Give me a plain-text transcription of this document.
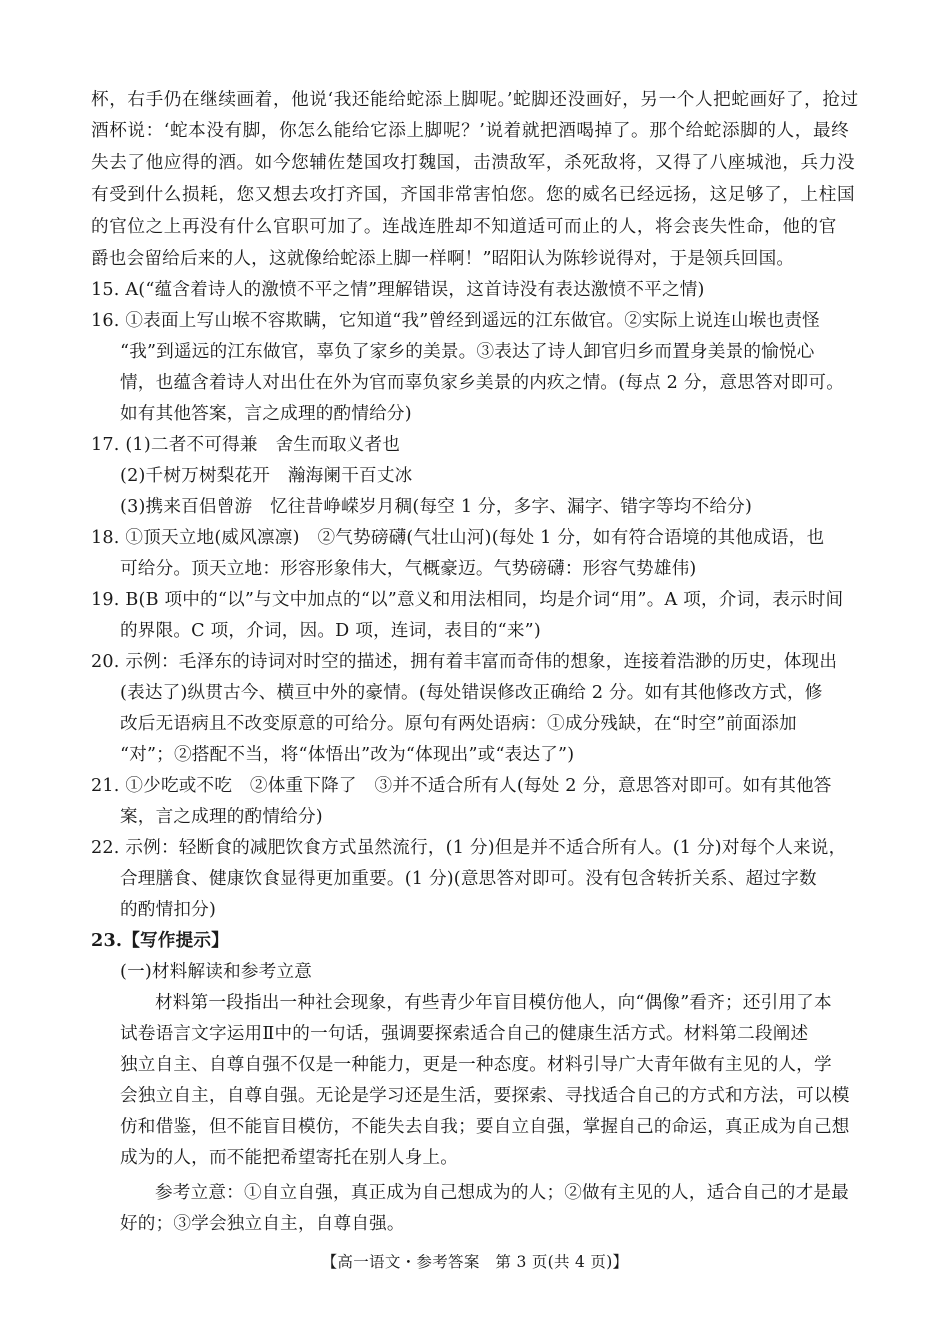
杯，右手仍在继续画着，他说‘我还能给蛇添上脚呢。’蛇脚还没画好，另一个人把蛇画好了，抢过
酒杯说：‘蛇本没有脚，你怎么能给它添上脚呢？’说着就把酒喝掉了。那个给蛇添脚的人，最终
失去了他应得的酒。如今您辅佐楚国攻打魏国，击溃敌军，杀死敌将，又得了八座城池，兵力没
有受到什么损耗，您又想去攻打齐国，齐国非常害怕您。您的威名已经远扬，这足够了，上柱国
的官位之上再没有什么官职可加了。连战连胜却不知道适可而止的人，将会丧失性命，他的官
爵也会留给后来的人，这就像给蛇添上脚一样啊！”昭阳认为陈轸说得对，于是领兵回国。
15. A(“蕴含着诗人的激愤不平之情”理解错误，这首诗没有表达激愤不平之情)
16. ①表面上写山堠不容欺瞒，它知道“我”曾经到遥远的江东做官。②实际上说连山堠也责怪
“我”到遥远的江东做官，辜负了家乡的美景。③表达了诗人卸官归乡而置身美景的愉悦心
情，也蕴含着诗人对出仕在外为官而辜负家乡美景的内疚之情。(每点 2 分，意思答对即可。
如有其他答案，言之成理的酌情给分)
17. (1)二者不可得兼　舍生而取义者也
(2)千树万树梨花开　瀚海阑干百丈冰
(3)携来百侣曾游　忆往昔峥嵘岁月稠(每空 1 分，多字、漏字、错字等均不给分)
18. ①顶天立地(威风凛凛)　②气势磅礴(气壮山河)(每处 1 分，如有符合语境的其他成语，也
可给分。顶天立地：形容形象伟大，气概豪迈。气势磅礴：形容气势雄伟)
19. B(B 项中的“以”与文中加点的“以”意义和用法相同，均是介词“用”。A 项，介词，表示时间
的界限。C 项，介词，因。D 项，连词，表目的“来”)
20. 示例：毛泽东的诗词对时空的描述，拥有着丰富而奇伟的想象，连接着浩渺的历史，体现出
(表达了)纵贯古今、横亘中外的豪情。(每处错误修改正确给 2 分。如有其他修改方式，修
改后无语病且不改变原意的可给分。原句有两处语病：①成分残缺，在“时空”前面添加
“对”；②搭配不当，将“体悟出”改为“体现出”或“表达了”)
21. ①少吃或不吃　②体重下降了　③并不适合所有人(每处 2 分，意思答对即可。如有其他答
案，言之成理的酌情给分)
22. 示例：轻断食的减肥饮食方式虽然流行，(1 分)但是并不适合所有人。(1 分)对每个人来说，
合理膳食、健康饮食显得更加重要。(1 分)(意思答对即可。没有包含转折关系、超过字数
的酌情扣分)
23.【写作提示】
(一)材料解读和参考立意
材料第一段指出一种社会现象，有些青少年盲目模仿他人，向“偶像”看齐；还引用了本
试卷语言文字运用Ⅱ中的一句话，强调要探索适合自己的健康生活方式。材料第二段阐述
独立自主、自尊自强不仅是一种能力，更是一种态度。材料引导广大青年做有主见的人，学
会独立自主，自尊自强。无论是学习还是生活，要探索、寻找适合自己的方式和方法，可以模
仿和借鉴，但不能盲目模仿，不能失去自我；要自立自强，掌握自己的命运，真正成为自己想
成为的人，而不能把希望寄托在别人身上。
参考立意：①自立自强，真正成为自己想成为的人；②做有主见的人，适合自己的才是最
好的；③学会独立自主，自尊自强。
【高一语文・参考答案　第 3 页(共 4 页)】
